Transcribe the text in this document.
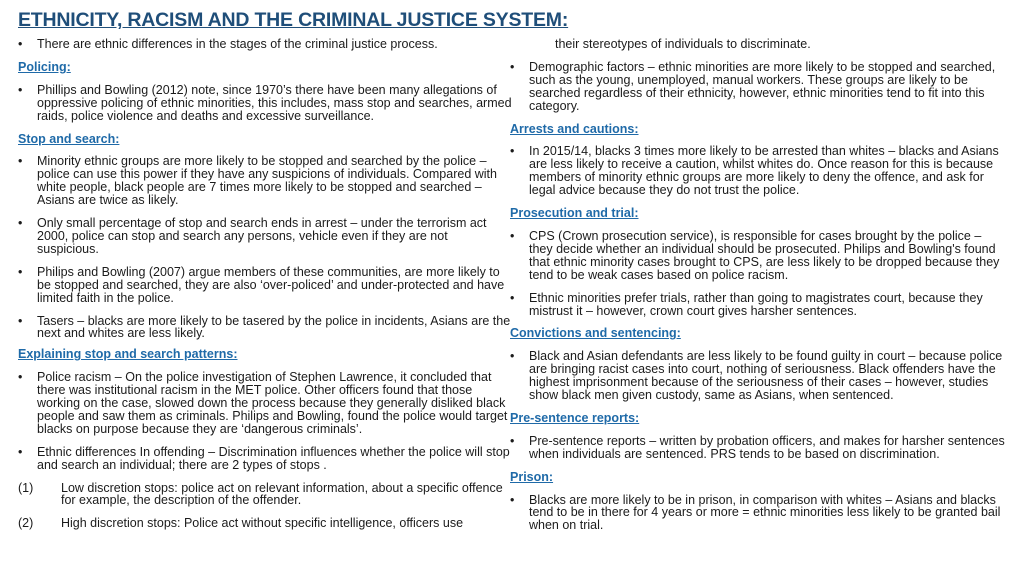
ETHNICITY, RACISM AND THE CRIMINAL JUSTICE SYSTEM:
• There are ethnic differences in the stages of the criminal justice process.
Policing:
• Phillips and Bowling (2012) note, since 1970’s there have been many allegations of oppressive policing of ethnic minorities, this includes, mass stop and searches, armed raids, police violence and deaths and excessive surveillance.
Stop and search:
• Minority ethnic groups are more likely to be stopped and searched by the police – police can use this power if they have any suspicions of individuals. Compared with white people, black people are 7 times more likely to be stopped and searched – Asians are twice as likely.
• Only small percentage of stop and search ends in arrest – under the terrorism act 2000, police can stop and search any persons, vehicle even if they are not suspicious.
• Philips and Bowling (2007) argue members of these communities, are more likely to be stopped and searched, they are also ‘over-policed’ and under-protected and have limited faith in the police.
• Tasers – blacks are more likely to be tasered by the police in incidents, Asians are the next and whites are less likely.
Explaining stop and search patterns:
• Police racism – On the police investigation of Stephen Lawrence, it concluded that there was institutional racism in the MET police. Other officers found that those working on the case, slowed down the process because they generally disliked black people and saw them as criminals. Philips and Bowling, found the police would target blacks on purpose because they are ‘dangerous criminals’.
• Ethnic differences In offending – Discrimination influences whether the police will stop and search an individual; there are 2 types of stops .
(1) Low discretion stops: police act on relevant information, about a specific offence for example, the description of the offender.
(2) High discretion stops: Police act without specific intelligence, officers use
their stereotypes of individuals to discriminate.
• Demographic factors – ethnic minorities are more likely to be stopped and searched, such as the young, unemployed, manual workers. These groups are likely to be searched regardless of their ethnicity, however, ethnic minorities tend to fit into this category.
Arrests and cautions:
• In 2015/14, blacks 3 times more likely to be arrested than whites – blacks and Asians are less likely to receive a caution, whilst whites do. Once reason for this is because members of minority ethnic groups are more likely to deny the offence, and ask for legal advice because they do not trust the police.
Prosecution and trial:
• CPS (Crown prosecution service), is responsible for cases brought by the police – they decide whether an individual should be prosecuted. Philips and Bowling's found that ethnic minority cases brought to CPS, are less likely to be dropped because they tend to be weak cases based on police racism.
• Ethnic minorities prefer trials, rather than going to magistrates court, because they mistrust it – however, crown court gives harsher sentences.
Convictions and sentencing:
• Black and Asian defendants are less likely to be found guilty in court – because police are bringing racist cases into court, nothing of seriousness. Black offenders have the highest imprisonment because of the seriousness of their cases – however, studies show black men given custody, same as Asians, when sentenced.
Pre-sentence reports:
• Pre-sentence reports – written by probation officers, and makes for harsher sentences when individuals are sentenced. PRS tends to be based on discrimination.
Prison:
• Blacks are more likely to be in prison, in comparison with whites – Asians and blacks tend to be in there for 4 years or more = ethnic minorities less likely to be granted bail when on trial.
